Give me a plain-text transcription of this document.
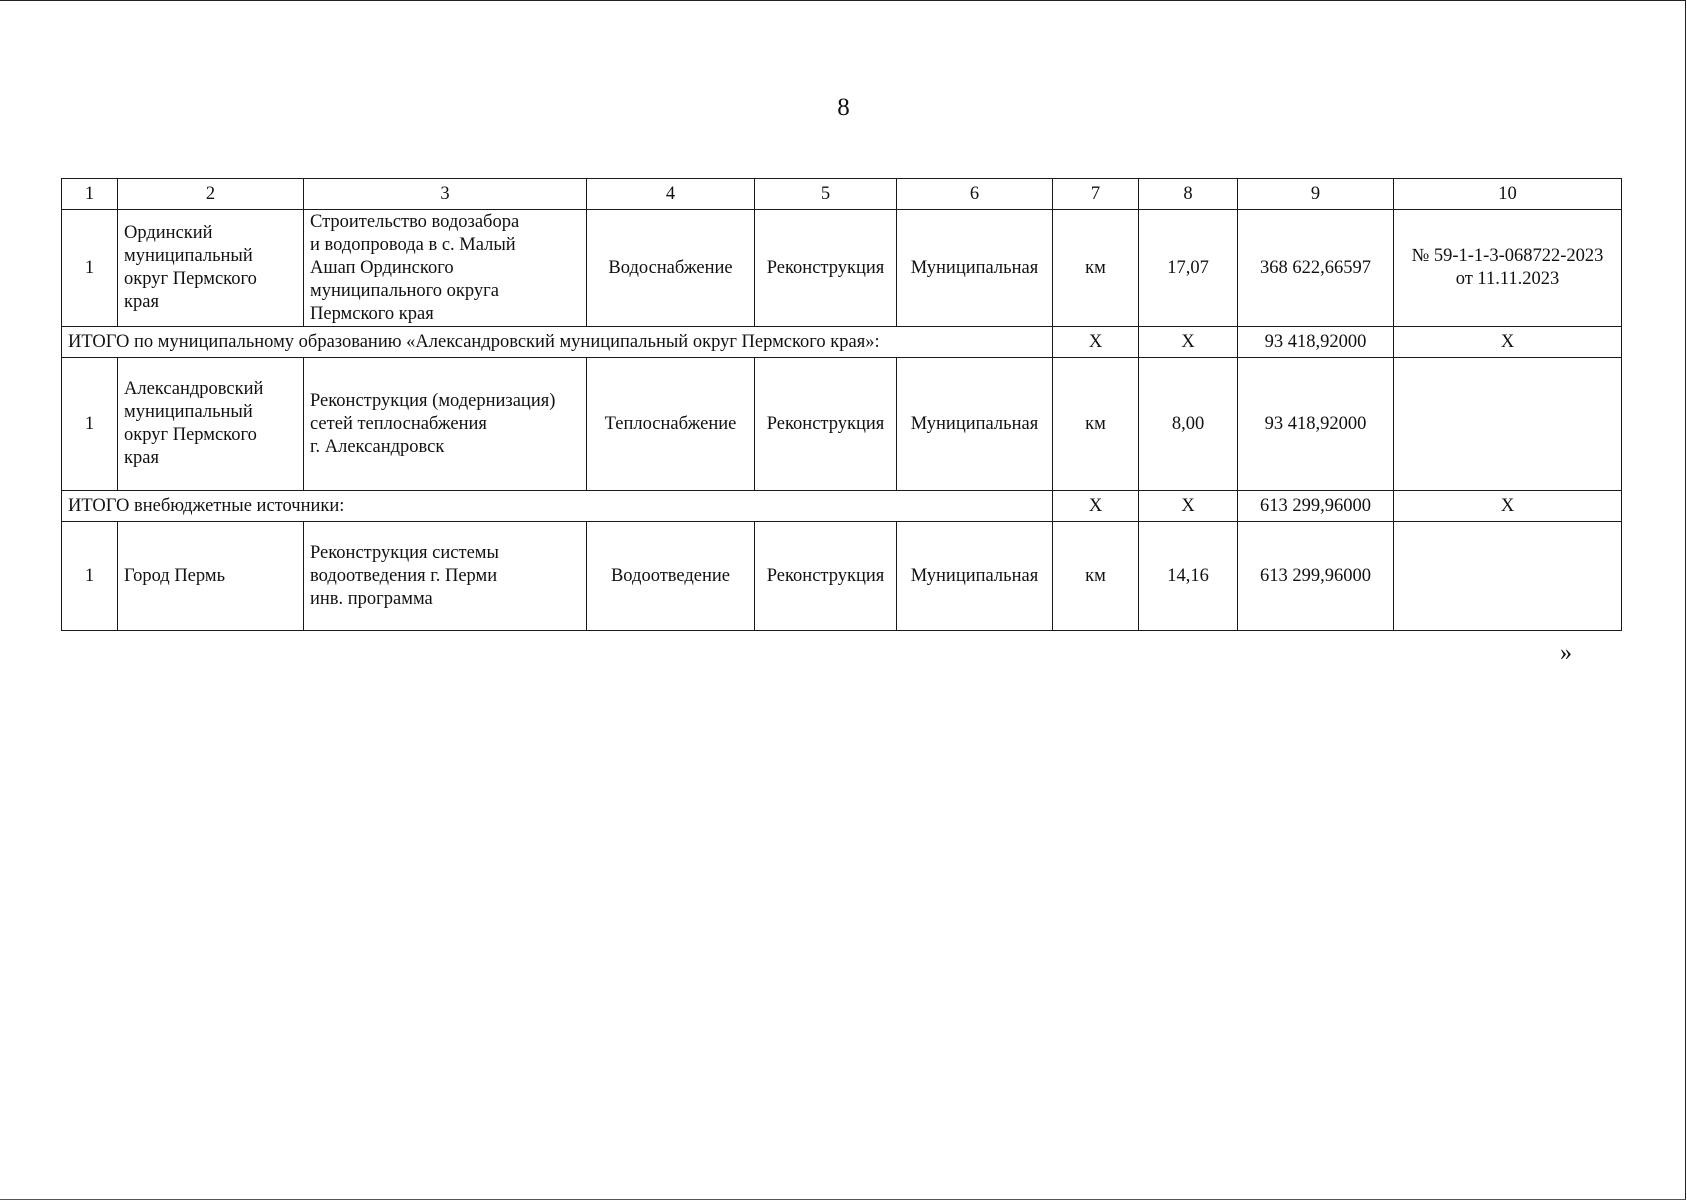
8
1	2	3	4	5	6	7	8	9	10
1	Ординский
муниципальный
округ Пермского
края	Строительство водозабора
и водопровода в с. Малый
Ашап Ординского
муниципального округа
Пермского края	Водоснабжение	Реконструкция	Муниципальная	км	17,07	368 622,66597	№ 59-1-1-3-068722-2023
от 11.11.2023

ИТОГО по муниципальному образованию «Александровский муниципальный округ Пермского края»:						X	X	93 418,92000	X
1	Александровский
муниципальный
округ Пермского
края	Реконструкция (модернизация)
сетей теплоснабжения
г. Александровск	Теплоснабжение	Реконструкция	Муниципальная	км	8,00	93 418,92000	
ИТОГО внебюджетные источники:						X	X	613 299,96000	X
1	Город Пермь	Реконструкция системы
водоотведения г. Перми
инв. программа	Водоотведение	Реконструкция	Муниципальная	км	14,16	613 299,96000	
»
